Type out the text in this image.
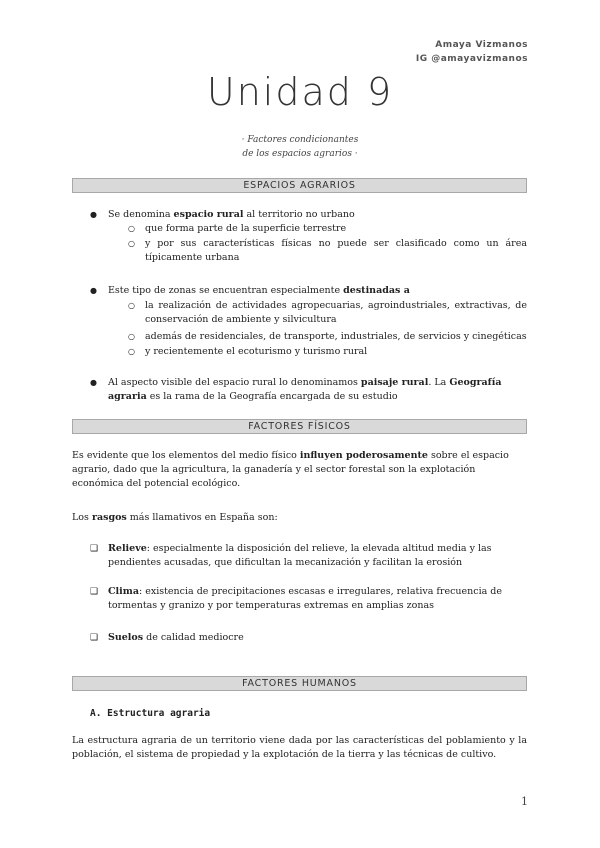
Amaya Vizmanos
IG @amayavizmanos
Unidad 9
· Factores condicionantes
de los espacios agrarios ·
ESPACIOS AGRARIOS
● Se denomina espacio rural al territorio no urbano
○ que forma parte de la superficie terrestre
○ y por sus características físicas no puede ser clasificado como un área típicamente urbana
● Este tipo de zonas se encuentran especialmente destinadas a
○ la realización de actividades agropecuarias, agroindustriales, extractivas, de conservación de ambiente y silvicultura
○ además de residenciales, de transporte, industriales, de servicios y cinegéticas
○ y recientemente el ecoturismo y turismo rural
● Al aspecto visible del espacio rural lo denominamos paisaje rural. La Geografía agraria es la rama de la Geografía encargada de su estudio
FACTORES FÍSICOS
Es evidente que los elementos del medio físico influyen poderosamente sobre el espacio agrario, dado que la agricultura, la ganadería y el sector forestal son la explotación económica del potencial ecológico.
Los rasgos más llamativos en España son:
❑ Relieve: especialmente la disposición del relieve, la elevada altitud media y las pendientes acusadas, que dificultan la mecanización y facilitan la erosión
❑ Clima: existencia de precipitaciones escasas e irregulares, relativa frecuencia de tormentas y granizo y por temperaturas extremas en amplias zonas
❑ Suelos de calidad mediocre
FACTORES HUMANOS
A. Estructura agraria
La estructura agraria de un territorio viene dada por las características del poblamiento y la población, el sistema de propiedad y la explotación de la tierra y las técnicas de cultivo.
1
